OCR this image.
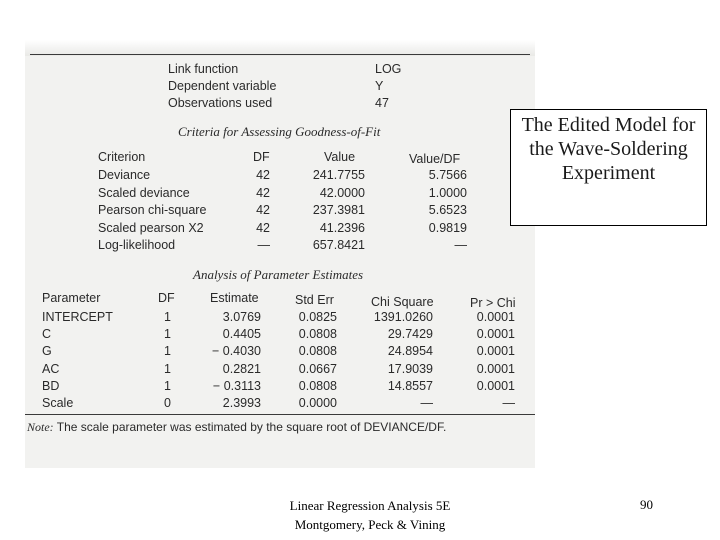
Link function	LOG
Dependent variable	Y
Observations used	47
Criteria for Assessing Goodness-of-Fit
Criterion	DF	Value	Value/DF
Deviance	42	241.7755	5.7566
Scaled deviance	42	42.0000	1.0000
Pearson chi-square	42	237.3981	5.6523
Scaled pearson X2	42	41.2396	0.9819
Log-likelihood	—	657.8421	—
Analysis of Parameter Estimates
Parameter	DF	Estimate	Std Err	Chi Square	Pr > Chi
INTERCEPT	1	3.0769	0.0825	1391.0260	0.0001
C	1	0.4405	0.0808	29.7429	0.0001
G	1	− 0.4030	0.0808	24.8954	0.0001
AC	1	0.2821	0.0667	17.9039	0.0001
BD	1	− 0.3113	0.0808	14.8557	0.0001
Scale	0	2.3993	0.0000	—	—
Note: The scale parameter was estimated by the square root of DEVIANCE/DF.
The Edited Model for the Wave-Soldering Experiment
Linear Regression Analysis 5E
Montgomery, Peck & Vining
90
